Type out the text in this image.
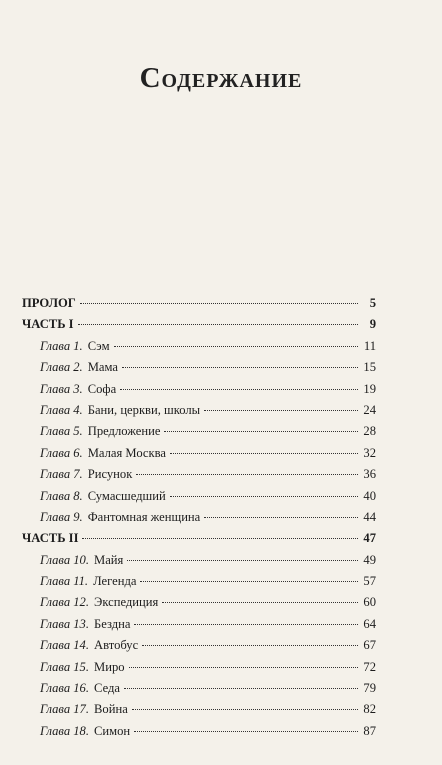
Содержание
ПРОЛОГ	5
ЧАСТЬ I	9
Глава 1. Сэм	11
Глава 2. Мама	15
Глава 3. Софа	19
Глава 4. Бани, церкви, школы	24
Глава 5. Предложение	28
Глава 6. Малая Москва	32
Глава 7. Рисунок	36
Глава 8. Сумасшедший	40
Глава 9. Фантомная женщина	44
ЧАСТЬ II	47
Глава 10. Майя	49
Глава 11. Легенда	57
Глава 12. Экспедиция	60
Глава 13. Бездна	64
Глава 14. Автобус	67
Глава 15. Миро	72
Глава 16. Седа	79
Глава 17. Война	82
Глава 18. Симон	87
